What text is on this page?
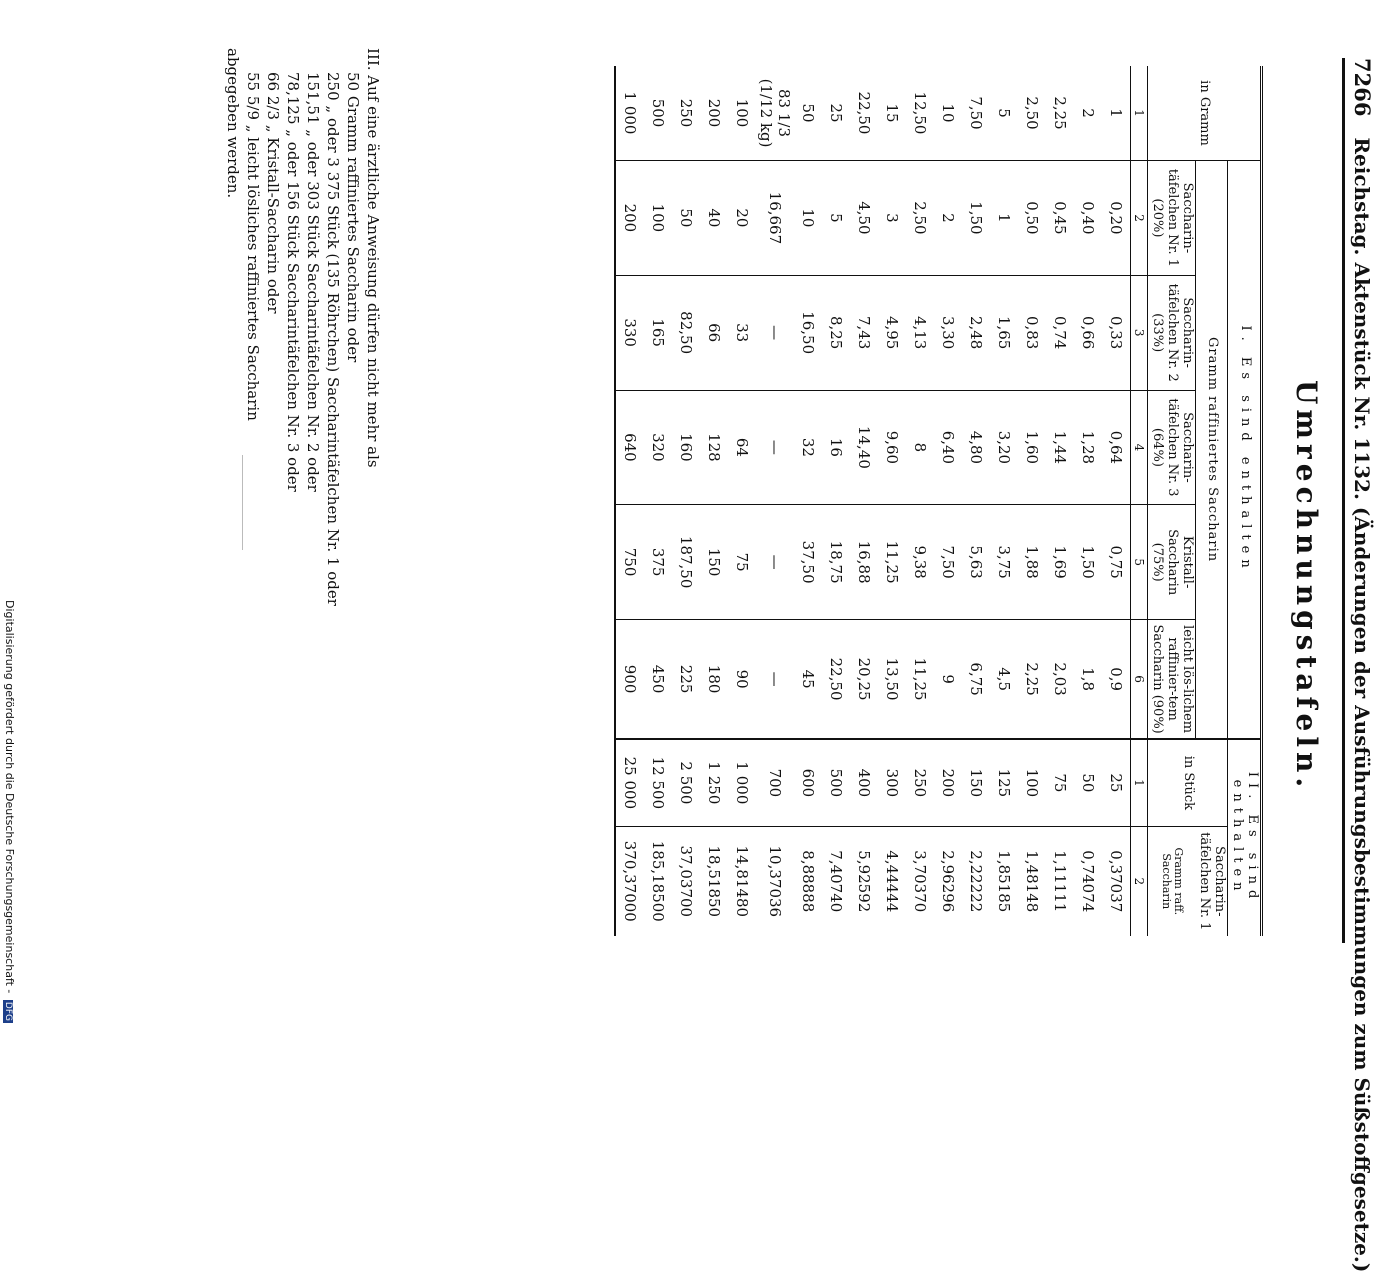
7266 Reichstag. Aktenstück Nr. 1132. (Änderungen der Ausführungsbestimmungen zum Süßstoffgesetze.)
Umrechnungstafeln.
in Gramm	I. Es sind enthalten					II. Es sind enthalten	
	Gramm raffiniertes Saccharin					in Stück	Saccharin-täfelchen Nr. 1
	Saccharin-täfelchen Nr. 1 (20%)	Saccharin-täfelchen Nr. 2 (33%)	Saccharin-täfelchen Nr. 3 (64%)	Kristall-Saccharin (75%)	leicht lös-lichem raffinier-tem Saccharin (90%)		Gramm raff. Saccharin
1	2	3	4	5	6	1	2
1	0,20	0,33	0,64	0,75	0,9	25	0,37037
2	0,40	0,66	1,28	1,50	1,8	50	0,74074
2,25	0,45	0,74	1,44	1,69	2,03	75	1,11111
2,50	0,50	0,83	1,60	1,88	2,25	100	1,48148
5	1	1,65	3,20	3,75	4,5	125	1,85185
7,50	1,50	2,48	4,80	5,63	6,75	150	2,22222
10	2	3,30	6,40	7,50	9	200	2,96296
12,50	2,50	4,13	8	9,38	11,25	250	3,70370
15	3	4,95	9,60	11,25	13,50	300	4,44444
22,50	4,50	7,43	14,40	16,88	20,25	400	5,92592
25	5	8,25	16	18,75	22,50	500	7,40740
50	10	16,50	32	37,50	45	600	8,88888
83 1/3 (1/12 kg)	16,667	—	—	—	—	700	10,37036
100	20	33	64	75	90	1 000	14,81480
200	40	66	128	150	180	1 250	18,51850
250	50	82,50	160	187,50	225	2 500	37,03700
500	100	165	320	375	450	12 500	185,18500
1 000	200	330	640	750	900	25 000	370,37000
III. Auf eine ärztliche Anweisung dürfen nicht mehr als
50 Gramm raffiniertes Saccharin oder
250 „ oder 3 375 Stück (135 Röhrchen) Saccharintäfelchen Nr. 1 oder
151,51 „ oder 303 Stück Saccharintäfelchen Nr. 2 oder
78,125 „ oder 156 Stück Saccharintäfelchen Nr. 3 oder
66 2/3 „ Kristall-Saccharin oder
55 5/9 „ leicht lösliches raffiniertes Saccharin
abgegeben werden.
Digitalisierung gefördert durch die Deutsche Forschungsgemeinschaft - DFG
